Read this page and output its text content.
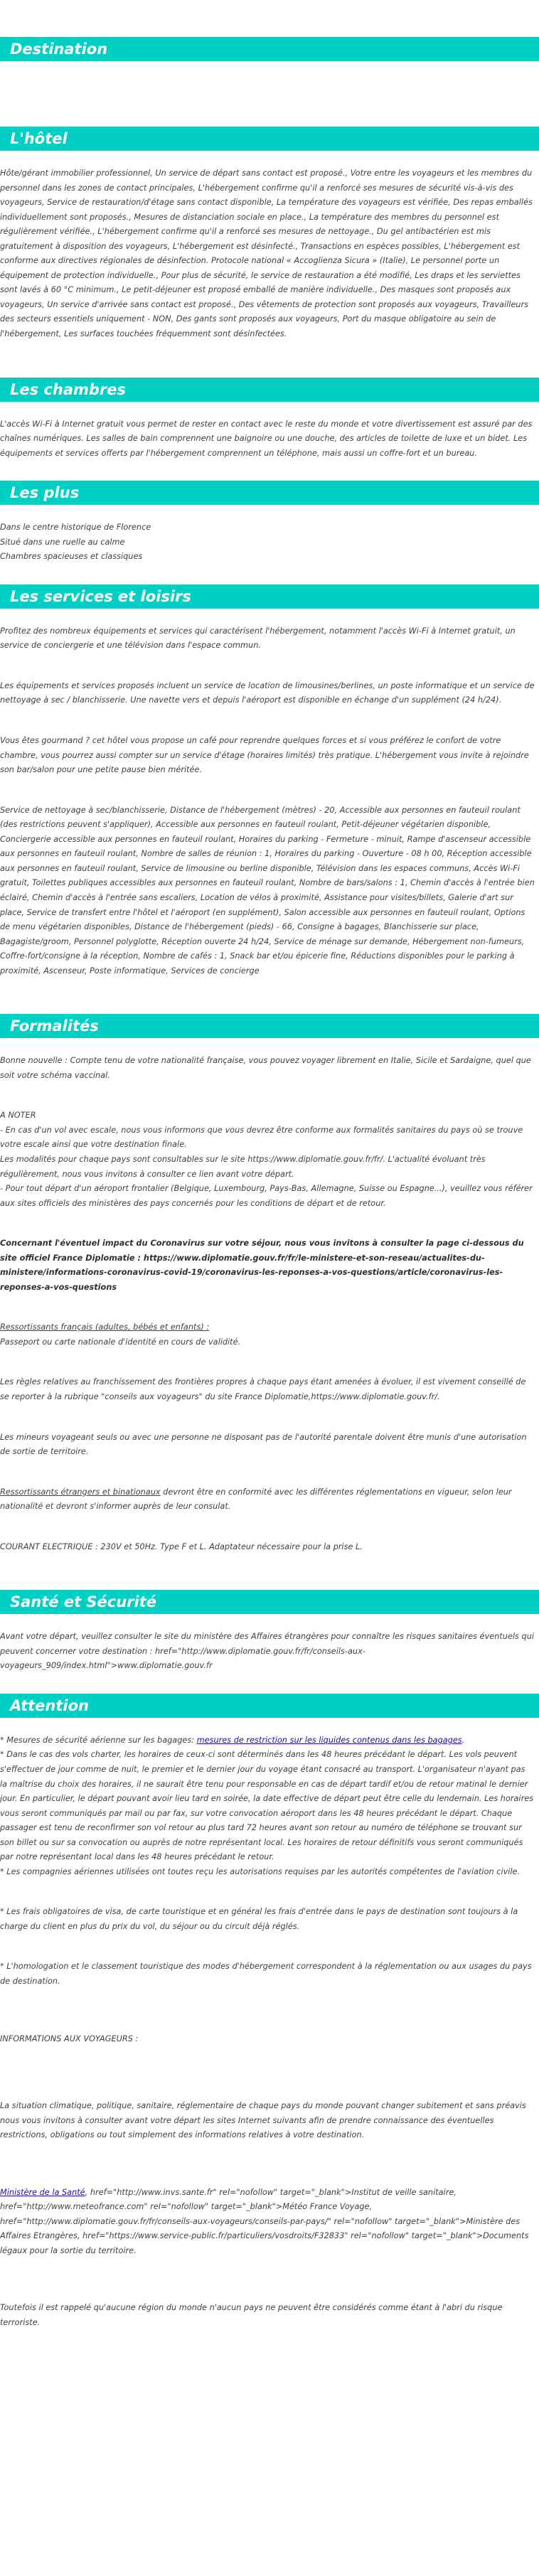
Destination
L'hôtel

Hôte/gérant immobilier professionnel, Un service de départ sans contact est proposé., Votre entre les voyageurs et les membres du personnel dans les zones de contact principales, L'hébergement confirme qu'il a renforcé ses mesures de sécurité vis-à-vis des voyageurs, Service de restauration/d'étage sans contact disponible, La température des voyageurs est vérifiée, Des repas emballés individuellement sont proposés., Mesures de distanciation sociale en place., La température des membres du personnel est régulièrement vérifiée., L'hébergement confirme qu'il a renforcé ses mesures de nettoyage., Du gel antibactérien est mis gratuitement à disposition des voyageurs, L'hébergement est désinfecté., Transactions en espèces possibles, L'hébergement est conforme aux directives régionales de désinfection. Protocole national « Accoglienza Sicura » (Italie), Le personnel porte un équipement de protection individuelle., Pour plus de sécurité, le service de restauration a été modifié, Les draps et les serviettes sont lavés à 60 °C minimum., Le petit-déjeuner est proposé emballé de manière individuelle., Des masques sont proposés aux voyageurs, Un service d'arrivée sans contact est proposé., Des vêtements de protection sont proposés aux voyageurs, Travailleurs des secteurs essentiels uniquement - NON, Des gants sont proposés aux voyageurs, Port du masque obligatoire au sein de l'hébergement, Les surfaces touchées fréquemment sont désinfectées.

Les chambres

L'accès Wi-Fi à Internet gratuit vous permet de rester en contact avec le reste du monde et votre divertissement est assuré par des chaînes numériques. Les salles de bain comprennent une baignoire ou une douche, des articles de toilette de luxe et un bidet. Les équipements et services offerts par l'hébergement comprennent un téléphone, mais aussi un coffre-fort et un bureau.

Les plus

Dans le centre historique de Florence

Situé dans une ruelle au calme

Chambres spacieuses et classiques

Les services et loisirs

Profitez des nombreux équipements et services qui caractérisent l'hébergement, notamment l'accès Wi-Fi à Internet gratuit, un service de conciergerie et une télévision dans l'espace commun.

Les équipements et services proposés incluent un service de location de limousines/berlines, un poste informatique et un service de nettoyage à sec / blanchisserie. Une navette vers et depuis l'aéroport est disponible en échange d'un supplément (24 h/24).

Vous êtes gourmand ? cet hôtel vous propose un café pour reprendre quelques forces et si vous préférez le confort de votre chambre, vous pourrez aussi compter sur un service d'étage (horaires limités) très pratique. L'hébergement vous invite à rejoindre son bar/salon pour une petite pause bien méritée.

Service de nettoyage à sec/blanchisserie, Distance de l'hébergement (mètres) - 20, Accessible aux personnes en fauteuil roulant (des restrictions peuvent s'appliquer), Accessible aux personnes en fauteuil roulant, Petit-déjeuner végétarien disponible, Conciergerie accessible aux personnes en fauteuil roulant, Horaires du parking - Fermeture - minuit, Rampe d'ascenseur accessible aux personnes en fauteuil roulant, Nombre de salles de réunion : 1, Horaires du parking - Ouverture - 08 h 00, Réception accessible aux personnes en fauteuil roulant, Service de limousine ou berline disponible, Télévision dans les espaces communs, Accès Wi-Fi gratuit, Toilettes publiques accessibles aux personnes en fauteuil roulant, Nombre de bars/salons : 1, Chemin d'accès à l'entrée bien éclairé, Chemin d'accès à l'entrée sans escaliers, Location de vélos à proximité, Assistance pour visites/billets, Galerie d'art sur place, Service de transfert entre l'hôtel et l'aéroport (en supplément), Salon accessible aux personnes en fauteuil roulant, Options de menu végétarien disponibles, Distance de l'hébergement (pieds) - 66, Consigne à bagages, Blanchisserie sur place, Bagagiste/groom, Personnel polyglotte, Réception ouverte 24 h/24, Service de ménage sur demande, Hébergement non-fumeurs, Coffre-fort/consigne à la réception, Nombre de cafés : 1, Snack bar et/ou épicerie fine, Réductions disponibles pour le parking à proximité, Ascenseur, Poste informatique, Services de concierge

Formalités

Bonne nouvelle : Compte tenu de votre nationalité française, vous pouvez voyager librement en Italie, Sicile et Sardaigne, quel que soit votre schéma vaccinal.

A NOTER

- En cas d'un vol avec escale, nous vous informons que vous devrez être conforme aux formalités sanitaires du pays où se trouve votre escale ainsi que votre destination finale.

Les modalités pour chaque pays sont consultables sur le site https://www.diplomatie.gouv.fr/fr/. L'actualité évoluant très régulièrement, nous vous invitons à consulter ce lien avant votre départ.

- Pour tout départ d'un aéroport frontalier (Belgique, Luxembourg, Pays-Bas, Allemagne, Suisse ou Espagne...), veuillez vous référer aux sites officiels des ministères des pays concernés pour les conditions de départ et de retour.

Concernant l'éventuel impact du Coronavirus sur votre séjour, nous vous invitons à consulter la page ci-dessous du site officiel France Diplomatie : https://www.diplomatie.gouv.fr/fr/le-ministere-et-son-reseau/actualites-du-ministere/informations-coronavirus-covid-19/coronavirus-les-reponses-a-vos-questions/article/coronavirus-les-reponses-a-vos-questions

Ressortissants français (adultes, bébés et enfants) :

Passeport ou carte nationale d'identité en cours de validité.

Les règles relatives au franchissement des frontières propres à chaque pays étant amenées à évoluer, il est vivement conseillé de se reporter à la rubrique "conseils aux voyageurs" du site France Diplomatie,https://www.diplomatie.gouv.fr/.

Les mineurs voyageant seuls ou avec une personne ne disposant pas de l'autorité parentale doivent être munis d'une autorisation de sortie de territoire.

Ressortissants étrangers et binationaux devront être en conformité avec les différentes réglementations en vigueur, selon leur nationalité et devront s'informer auprès de leur consulat.

COURANT ELECTRIQUE : 230V et 50Hz. Type F et L. Adaptateur nécessaire pour la prise L.

Santé et Sécurité

Avant votre départ, veuillez consulter le site du ministère des Affaires étrangères pour connaître les risques sanitaires éventuels qui peuvent concerner votre destination : href="http://www.diplomatie.gouv.fr/fr/conseils-aux-voyageurs_909/index.html">www.diplomatie.gouv.fr

Attention

* Mesures de sécurité aérienne sur les bagages: mesures de restriction sur les liquides contenus dans les bagages.

* Dans le cas des vols charter, les horaires de ceux-ci sont déterminés dans les 48 heures précédant le départ. Les vols peuvent s'effectuer de jour comme de nuit, le premier et le dernier jour du voyage étant consacré au transport. L'organisateur n'ayant pas la maîtrise du choix des horaires, il ne saurait être tenu pour responsable en cas de départ tardif et/ou de retour matinal le dernier jour. En particulier, le départ pouvant avoir lieu tard en soirée, la date effective de départ peut être celle du lendemain. Les horaires vous seront communiqués par mail ou par fax, sur votre convocation aéroport dans les 48 heures précédant le départ. Chaque passager est tenu de reconfirmer son vol retour au plus tard 72 heures avant son retour au numéro de téléphone se trouvant sur son billet ou sur sa convocation ou auprès de notre représentant local. Les horaires de retour définitifs vous seront communiqués par notre représentant local dans les 48 heures précédant le retour.

* Les compagnies aériennes utilisées ont toutes reçu les autorisations requises par les autorités compétentes de l'aviation civile.

* Les frais obligatoires de visa, de carte touristique et en général les frais d'entrée dans le pays de destination sont toujours à la charge du client en plus du prix du vol, du séjour ou du circuit déjà réglés.

* L'homologation et le classement touristique des modes d'hébergement correspondent à la réglementation ou aux usages du pays de destination.

INFORMATIONS AUX VOYAGEURS :

La situation climatique, politique, sanitaire, réglementaire de chaque pays du monde pouvant changer subitement et sans préavis nous vous invitons à consulter avant votre départ les sites Internet suivants afin de prendre connaissance des éventuelles restrictions, obligations ou tout simplement des informations relatives à votre destination.

Ministère de la Santé, href="http://www.invs.sante.fr" rel="nofollow" target="_blank">Institut de veille sanitaire, href="http://www.meteofrance.com" rel="nofollow" target="_blank">Météo France Voyage, href="http://www.diplomatie.gouv.fr/fr/conseils-aux-voyageurs/conseils-par-pays/" rel="nofollow" target="_blank">Ministère des Affaires Etrangères, href="https://www.service-public.fr/particuliers/vosdroits/F32833" rel="nofollow" target="_blank">Documents légaux pour la sortie du territoire.

Toutefois il est rappelé qu'aucune région du monde n'aucun pays ne peuvent être considérés comme étant à l'abri du risque terroriste.
